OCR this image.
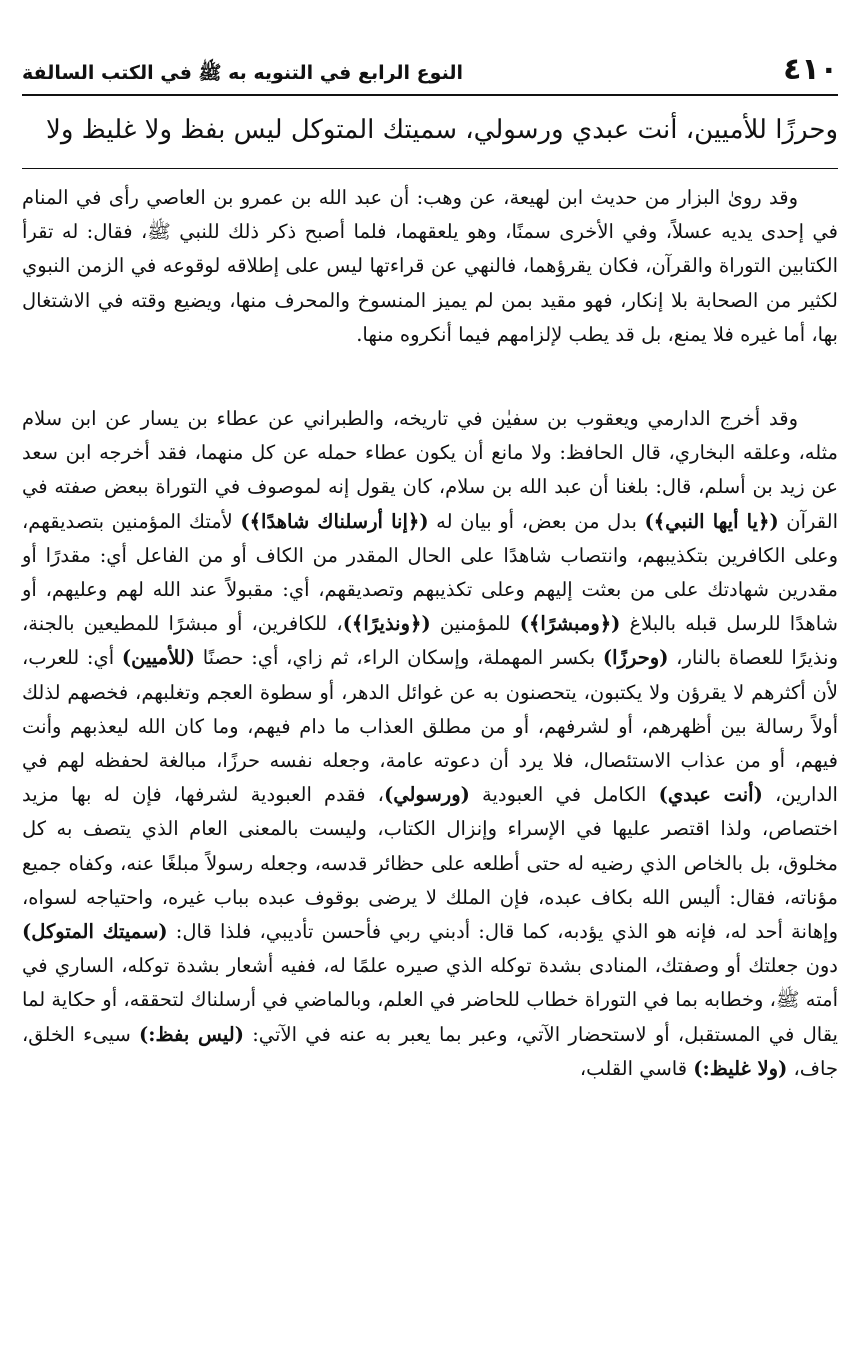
٤١٠
النوع الرابع في التنويه به ﷺ في الكتب السالفة

وحرزًا للأميين، أنت عبدي ورسولي، سميتك المتوكل ليس بفظ ولا غليظ ولا

وقد روىٰ البزار من حديث ابن لهيعة، عن وهب: أن عبد الله بن عمرو بن العاصي رأى في المنام في إحدى يديه عسلاً، وفي الأخرى سمنًا، وهو يلعقهما، فلما أصبح ذكر ذلك للنبي ﷺ، فقال: له تقرأ الكتابين التوراة والقرآن، فكان يقرؤهما، فالنهي عن قراءتها ليس على إطلاقه لوقوعه في الزمن النبوي لكثير من الصحابة بلا إنكار، فهو مقيد بمن لم يميز المنسوخ والمحرف منها، ويضيع وقته في الاشتغال بها، أما غيره فلا يمنع، بل قد يطب لإلزامهم فيما أنكروه منها.

وقد أخرج الدارمي ويعقوب بن سفيٰن في تاريخه، والطبراني عن عطاء بن يسار عن ابن سلام مثله، وعلقه البخاري، قال الحافظ: ولا مانع أن يكون عطاء حمله عن كل منهما، فقد أخرجه ابن سعد عن زيد بن أسلم، قال: بلغنا أن عبد الله بن سلام، كان يقول إنه لموصوف في التوراة ببعض صفته في القرآن (﴿يا أيها النبي﴾) بدل من بعض، أو بيان له (﴿إنا أرسلناك شاهدًا﴾) لأمتك المؤمنين بتصديقهم، وعلى الكافرين بتكذيبهم، وانتصاب شاهدًا على الحال المقدر من الكاف أو من الفاعل أي: مقدرًا أو مقدرين شهادتك على من بعثت إليهم وعلى تكذيبهم وتصديقهم، أي: مقبولاً عند الله لهم وعليهم، أو شاهدًا للرسل قبله بالبلاغ (﴿ومبشرًا﴾) للمؤمنين (﴿ونذيرًا﴾)، للكافرين، أو مبشرًا للمطيعين بالجنة، ونذيرًا للعصاة بالنار، (وحرزًا) بكسر المهملة، وإسكان الراء، ثم زاي، أي: حصنًا (للأميين) أي: للعرب، لأن أكثرهم لا يقرؤن ولا يكتبون، يتحصنون به عن غوائل الدهر، أو سطوة العجم وتغلبهم، فخصهم لذلك أولاً رسالة بين أظهرهم، أو لشرفهم، أو من مطلق العذاب ما دام فيهم، وما كان الله ليعذبهم وأنت فيهم، أو من عذاب الاستئصال، فلا يرد أن دعوته عامة، وجعله نفسه حرزًا، مبالغة لحفظه لهم في الدارين، (أنت عبدي) الكامل في العبودية (ورسولي)، فقدم العبودية لشرفها، فإن له بها مزيد اختصاص، ولذا اقتصر عليها في الإسراء وإنزال الكتاب، وليست بالمعنى العام الذي يتصف به كل مخلوق، بل بالخاص الذي رضيه له حتى أطلعه على حظائر قدسه، وجعله رسولاً مبلغًا عنه، وكفاه جميع مؤناته، فقال: أليس الله بكاف عبده، فإن الملك لا يرضى بوقوف عبده بباب غيره، واحتياجه لسواه، وإهانة أحد له، فإنه هو الذي يؤدبه، كما قال: أدبني ربي فأحسن تأديبي، فلذا قال: (سميتك المتوكل) دون جعلتك أو وصفتك، المنادى بشدة توكله الذي صيره علمًا له، ففيه أشعار بشدة توكله، الساري في أمته ﷺ، وخطابه بما في التوراة خطاب للحاضر في العلم، وبالماضي في أرسلناك لتحققه، أو حكاية لما يقال في المستقبل، أو لاستحضار الآتي، وعبر بما يعبر به عنه في الآتي: (ليس بفظ:) سيىء الخلق، جاف، (ولا غليظ:) قاسي القلب،
